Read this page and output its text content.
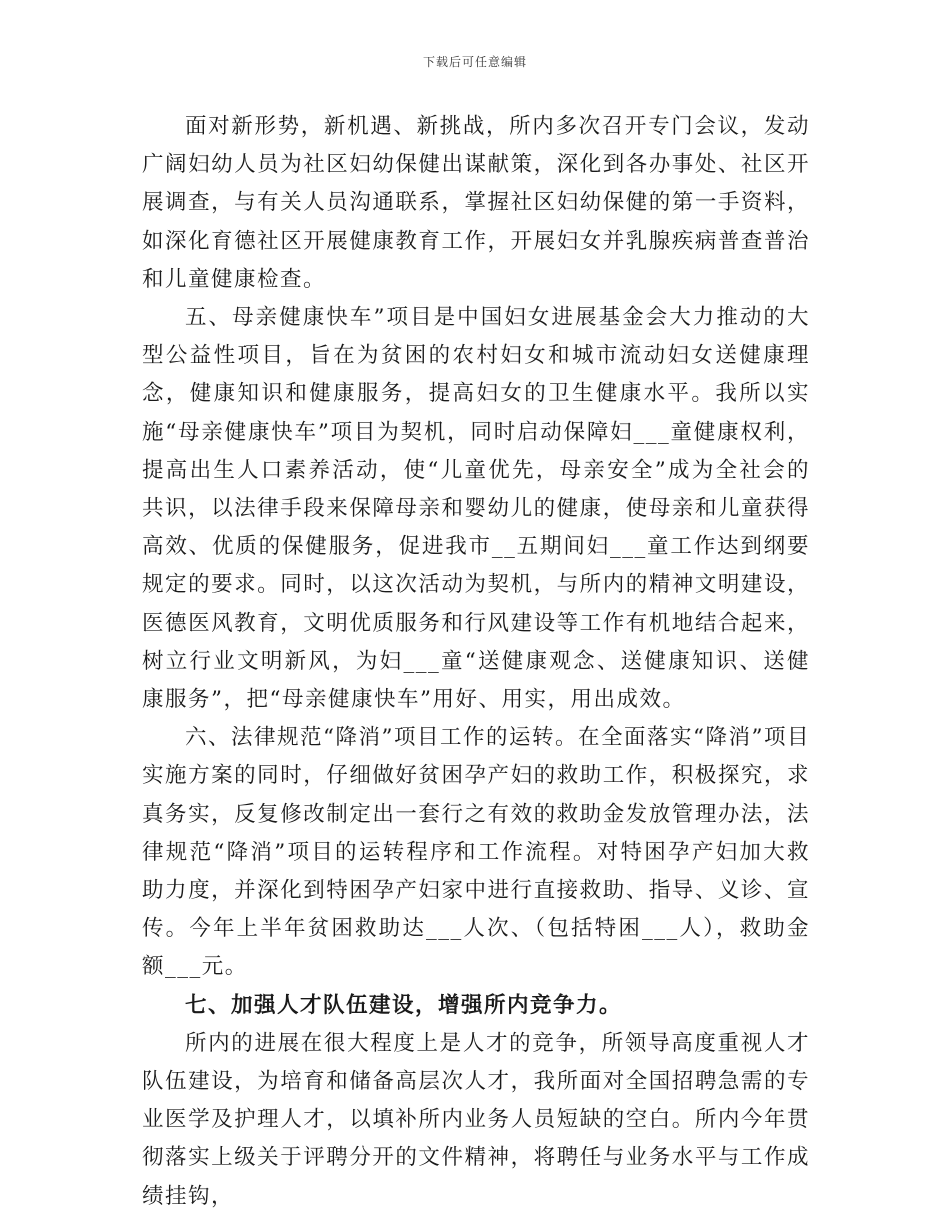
下载后可任意编辑

面对新形势，新机遇、新挑战，所内多次召开专门会议，发动广阔妇幼人员为社区妇幼保健出谋献策，深化到各办事处、社区开展调查，与有关人员沟通联系，掌握社区妇幼保健的第一手资料，如深化育德社区开展健康教育工作，开展妇女并乳腺疾病普查普治和儿童健康检查。

五、母亲健康快车”项目是中国妇女进展基金会大力推动的大型公益性项目，旨在为贫困的农村妇女和城市流动妇女送健康理念，健康知识和健康服务，提高妇女的卫生健康水平。我所以实施“母亲健康快车”项目为契机，同时启动保障妇___童健康权利，提高出生人口素养活动，使“儿童优先，母亲安全”成为全社会的共识，以法律手段来保障母亲和婴幼儿的健康，使母亲和儿童获得高效、优质的保健服务，促进我市__五期间妇___童工作达到纲要规定的要求。同时，以这次活动为契机，与所内的精神文明建设，医德医风教育，文明优质服务和行风建设等工作有机地结合起来，树立行业文明新风，为妇___童“送健康观念、送健康知识、送健康服务”，把“母亲健康快车”用好、用实，用出成效。

六、法律规范“降消”项目工作的运转。在全面落实“降消”项目实施方案的同时，仔细做好贫困孕产妇的救助工作，积极探究，求真务实，反复修改制定出一套行之有效的救助金发放管理办法，法律规范“降消”项目的运转程序和工作流程。对特困孕产妇加大救助力度，并深化到特困孕产妇家中进行直接救助、指导、义诊、宣传。今年上半年贫困救助达___人次、（包括特困___人），救助金额___元。

七、加强人才队伍建设，增强所内竞争力。

所内的进展在很大程度上是人才的竞争，所领导高度重视人才队伍建设，为培育和储备高层次人才，我所面对全国招聘急需的专业医学及护理人才，以填补所内业务人员短缺的空白。所内今年贯彻落实上级关于评聘分开的文件精神，将聘任与业务水平与工作成绩挂钩，
